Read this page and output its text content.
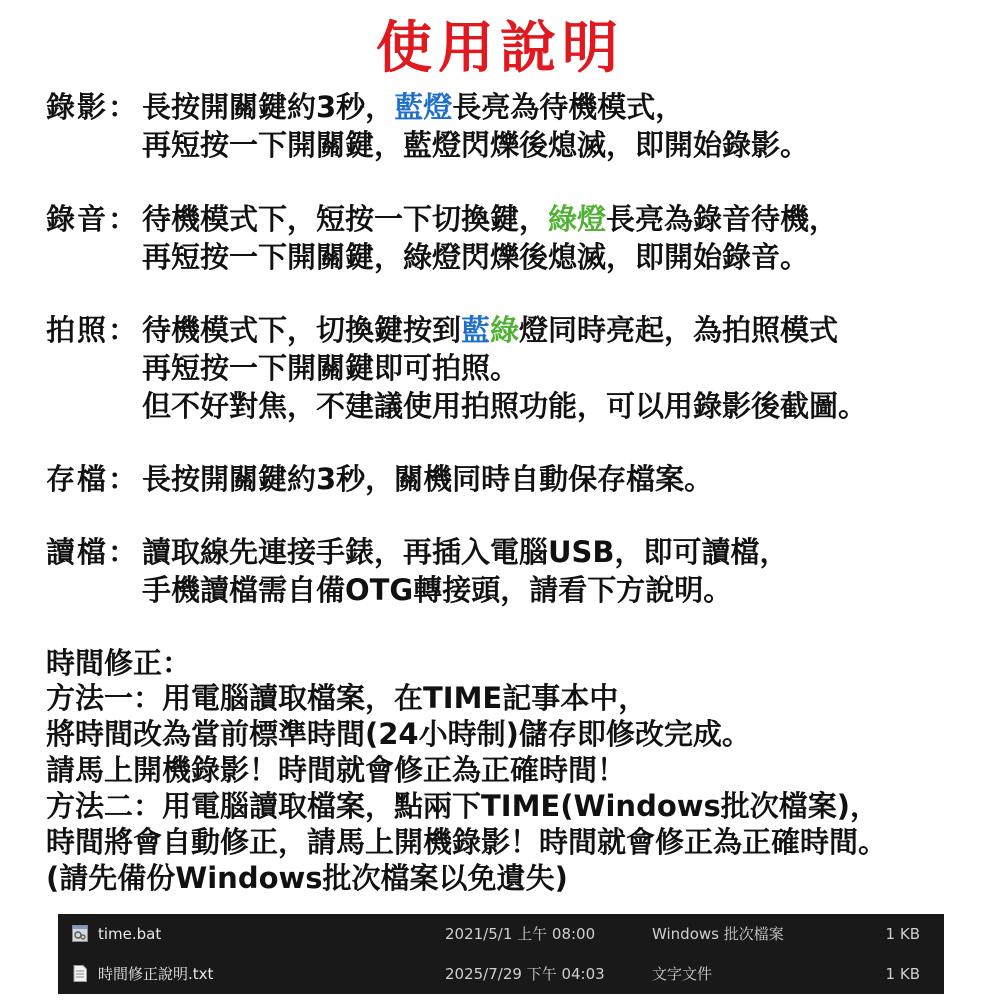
使用說明
錄影： 長按開關鍵約3秒，藍燈長亮為待機模式，
再短按一下開關鍵，藍燈閃爍後熄滅，即開始錄影。
錄音： 待機模式下，短按一下切換鍵，綠燈長亮為錄音待機，
再短按一下開關鍵，綠燈閃爍後熄滅，即開始錄音。
拍照： 待機模式下，切換鍵按到藍綠燈同時亮起，為拍照模式
再短按一下開關鍵即可拍照。
但不好對焦，不建議使用拍照功能，可以用錄影後截圖。
存檔： 長按開關鍵約3秒，關機同時自動保存檔案。
讀檔： 讀取線先連接手錶，再插入電腦USB，即可讀檔，
手機讀檔需自備OTG轉接頭，請看下方說明。
時間修正：
方法一：用電腦讀取檔案，在TIME記事本中，
將時間改為當前標準時間(24小時制)儲存即修改完成。
請馬上開機錄影！時間就會修正為正確時間！
方法二：用電腦讀取檔案，點兩下TIME(Windows批次檔案)，
時間將會自動修正，請馬上開機錄影！時間就會修正為正確時間。
(請先備份Windows批次檔案以免遺失)
time.bat	2021/5/1 上午 08:00	Windows 批次檔案	1 KB
時間修正說明.txt	2025/7/29 下午 04:03	文字文件	1 KB
